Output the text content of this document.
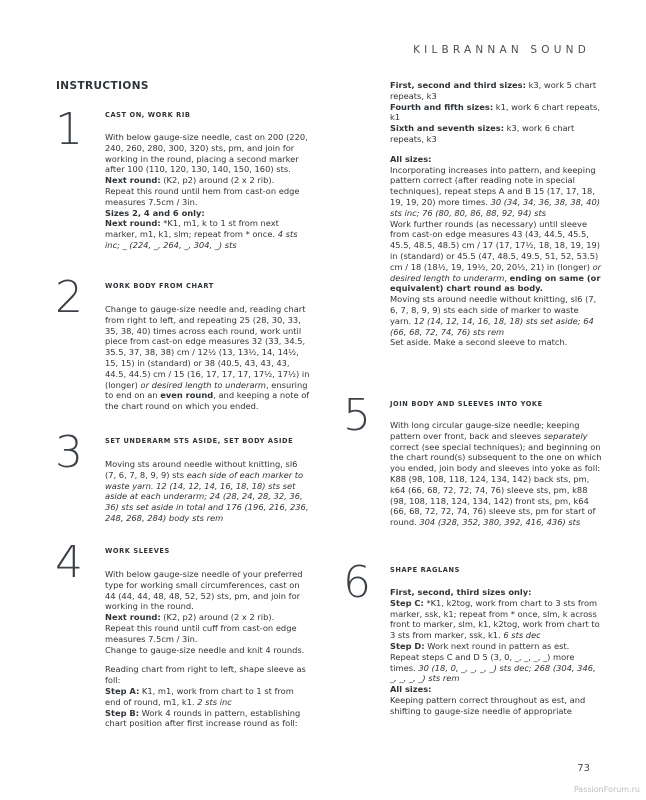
KILBRANNAN SOUND
INSTRUCTIONS
1	CAST ON, WORK RIB
2	WORK BODY FROM CHART
3	SET UNDERARM STS ASIDE, SET BODY ASIDE
4	WORK SLEEVES
5	JOIN BODY AND SLEEVES INTO YOKE
6	SHAPE RAGLANS

With below gauge-size needle, cast on 200 (220, 240, 260, 280, 300, 320) sts, pm, and join for working in the round, placing a second marker after 100 (110, 120, 130, 140, 150, 160) sts.

Next round: (K2, p2) around (2 x 2 rib).

Repeat this round until hem from cast-on edge measures 7.5cm / 3in.

Sizes 2, 4 and 6 only:

Next round: *K1, m1, k to 1 st from next marker, m1, k1, slm; repeat from * once. 4 sts inc; _ (224, _, 264, _, 304, _) sts

Change to gauge-size needle and, reading chart from right to left, and repeating 25 (28, 30, 33, 35, 38, 40) times across each round, work until piece from cast-on edge measures 32 (33, 34.5, 35.5, 37, 38, 38) cm / 12½ (13, 13½, 14, 14½, 15, 15) in (standard) or 38 (40.5, 43, 43, 43, 44.5, 44.5) cm / 15 (16, 17, 17, 17, 17½, 17½) in (longer) or desired length to underarm, ensuring to end on an even round, and keeping a note of the chart round on which you ended.

Moving sts around needle without knitting, sl6 (7, 6, 7, 8, 9, 9) sts each side of each marker to waste yarn. 12 (14, 12, 14, 16, 18, 18) sts set aside at each underarm; 24 (28, 24, 28, 32, 36, 36) sts set aside in total and 176 (196, 216, 236, 248, 268, 284) body sts rem

With below gauge-size needle of your preferred type for working small circumferences, cast on 44 (44, 44, 48, 48, 52, 52) sts, pm, and join for working in the round.

Next round: (K2, p2) around (2 x 2 rib).

Repeat this round until cuff from cast-on edge measures 7.5cm / 3in.

Change to gauge-size needle and knit 4 rounds.

Reading chart from right to left, shape sleeve as foll:

Step A: K1, m1, work from chart to 1 st from end of round, m1, k1. 2 sts inc

Step B: Work 4 rounds in pattern, establishing chart position after first increase round as foll:

First, second and third sizes: k3, work 5 chart repeats, k3

Fourth and fifth sizes: k1, work 6 chart repeats, k1

Sixth and seventh sizes: k3, work 6 chart repeats, k3

All sizes:

Incorporating increases into pattern, and keeping pattern correct (after reading note in special techniques), repeat steps A and B 15 (17, 17, 18, 19, 19, 20) more times. 30 (34, 34, 36, 38, 38, 40) sts inc; 76 (80, 80, 86, 88, 92, 94) sts

Work further rounds (as necessary) until sleeve from cast-on edge measures 43 (43, 44.5, 45.5, 45.5, 48.5, 48.5) cm / 17 (17, 17½, 18, 18, 19, 19) in (standard) or 45.5 (47, 48.5, 49.5, 51, 52, 53.5) cm / 18 (18½, 19, 19½, 20, 20½, 21) in (longer) or desired length to underarm, ending on same (or equivalent) chart round as body.

Moving sts around needle without knitting, sl6 (7, 6, 7, 8, 9, 9) sts each side of marker to waste yarn. 12 (14, 12, 14, 16, 18, 18) sts set aside; 64 (66, 68, 72, 74, 76) sts rem

Set aside. Make a second sleeve to match.

With long circular gauge-size needle; keeping pattern over front, back and sleeves separately correct (see special techniques); and beginning on the chart round(s) subsequent to the one on which you ended, join body and sleeves into yoke as foll:

K88 (98, 108, 118, 124, 134, 142) back sts, pm, k64 (66, 68, 72, 72, 74, 76) sleeve sts, pm, k88 (98, 108, 118, 124, 134, 142) front sts, pm, k64 (66, 68, 72, 72, 74, 76) sleeve sts, pm for start of round. 304 (328, 352, 380, 392, 416, 436) sts

First, second, third sizes only:

Step C: *K1, k2tog, work from chart to 3 sts from marker, ssk, k1; repeat from * once, slm, k across front to marker, slm, k1, k2tog, work from chart to 3 sts from marker, ssk, k1. 6 sts dec

Step D: Work next round in pattern as est.

Repeat steps C and D 5 (3, 0, _, _, _, _) more times. 30 (18, 0, _, _, _, _) sts dec; 268 (304, 346, _, _, _, _) sts rem

All sizes:

Keeping pattern correct throughout as est, and shifting to gauge-size needle of appropriate

73
PassionForum.ru
